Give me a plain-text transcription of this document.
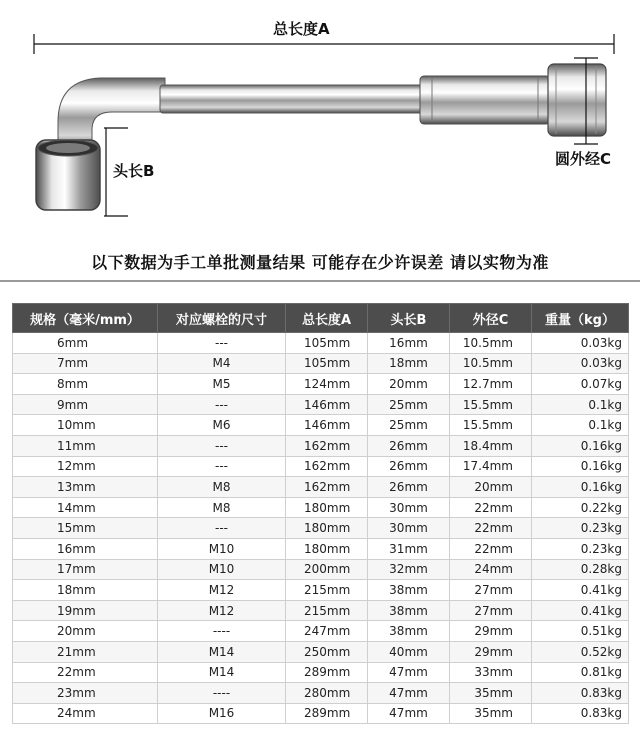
总长度A
头长B
圆外经C
以下数据为手工单批测量结果 可能存在少许误差 请以实物为准
规格（毫米/mm）	对应螺栓的尺寸	总长度A	头长B	外径C	重量（kg）
6mm	---	105mm	16mm	10.5mm	0.03kg
7mm	M4	105mm	18mm	10.5mm	0.03kg
8mm	M5	124mm	20mm	12.7mm	0.07kg
9mm	---	146mm	25mm	15.5mm	0.1kg
10mm	M6	146mm	25mm	15.5mm	0.1kg
11mm	---	162mm	26mm	18.4mm	0.16kg
12mm	---	162mm	26mm	17.4mm	0.16kg
13mm	M8	162mm	26mm	20mm	0.16kg
14mm	M8	180mm	30mm	22mm	0.22kg
15mm	---	180mm	30mm	22mm	0.23kg
16mm	M10	180mm	31mm	22mm	0.23kg
17mm	M10	200mm	32mm	24mm	0.28kg
18mm	M12	215mm	38mm	27mm	0.41kg
19mm	M12	215mm	38mm	27mm	0.41kg
20mm	----	247mm	38mm	29mm	0.51kg
21mm	M14	250mm	40mm	29mm	0.52kg
22mm	M14	289mm	47mm	33mm	0.81kg
23mm	----	280mm	47mm	35mm	0.83kg
24mm	M16	289mm	47mm	35mm	0.83kg
